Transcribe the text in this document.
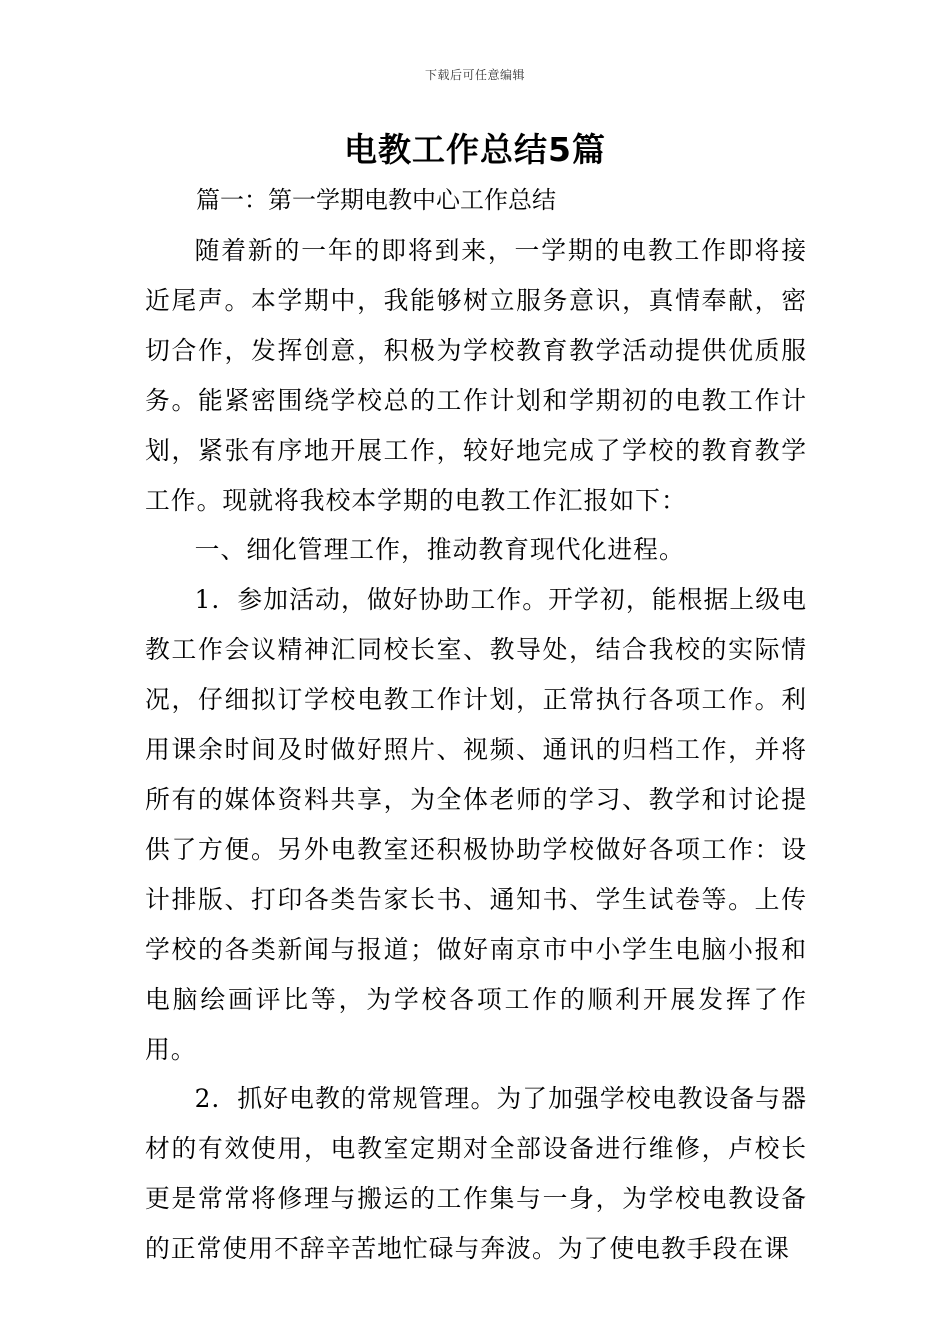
下载后可任意编辑
电教工作总结5篇
篇一：第一学期电教中心工作总结

随着新的一年的即将到来，一学期的电教工作即将接近尾声。本学期中，我能够树立服务意识，真情奉献，密切合作，发挥创意，积极为学校教育教学活动提供优质服务。能紧密围绕学校总的工作计划和学期初的电教工作计划，紧张有序地开展工作，较好地完成了学校的教育教学工作。现就将我校本学期的电教工作汇报如下：

一、细化管理工作，推动教育现代化进程。

1．参加活动，做好协助工作。开学初，能根据上级电教工作会议精神汇同校长室、教导处，结合我校的实际情况，仔细拟订学校电教工作计划，正常执行各项工作。利用课余时间及时做好照片、视频、通讯的归档工作，并将所有的媒体资料共享，为全体老师的学习、教学和讨论提供了方便。另外电教室还积极协助学校做好各项工作：设计排版、打印各类告家长书、通知书、学生试卷等。上传学校的各类新闻与报道；做好南京市中小学生电脑小报和电脑绘画评比等，为学校各项工作的顺利开展发挥了作用。

2．抓好电教的常规管理。为了加强学校电教设备与器材的有效使用，电教室定期对全部设备进行维修，卢校长更是常常将修理与搬运的工作集与一身，为学校电教设备的正常使用不辞辛苦地忙碌与奔波。为了使电教手段在课
